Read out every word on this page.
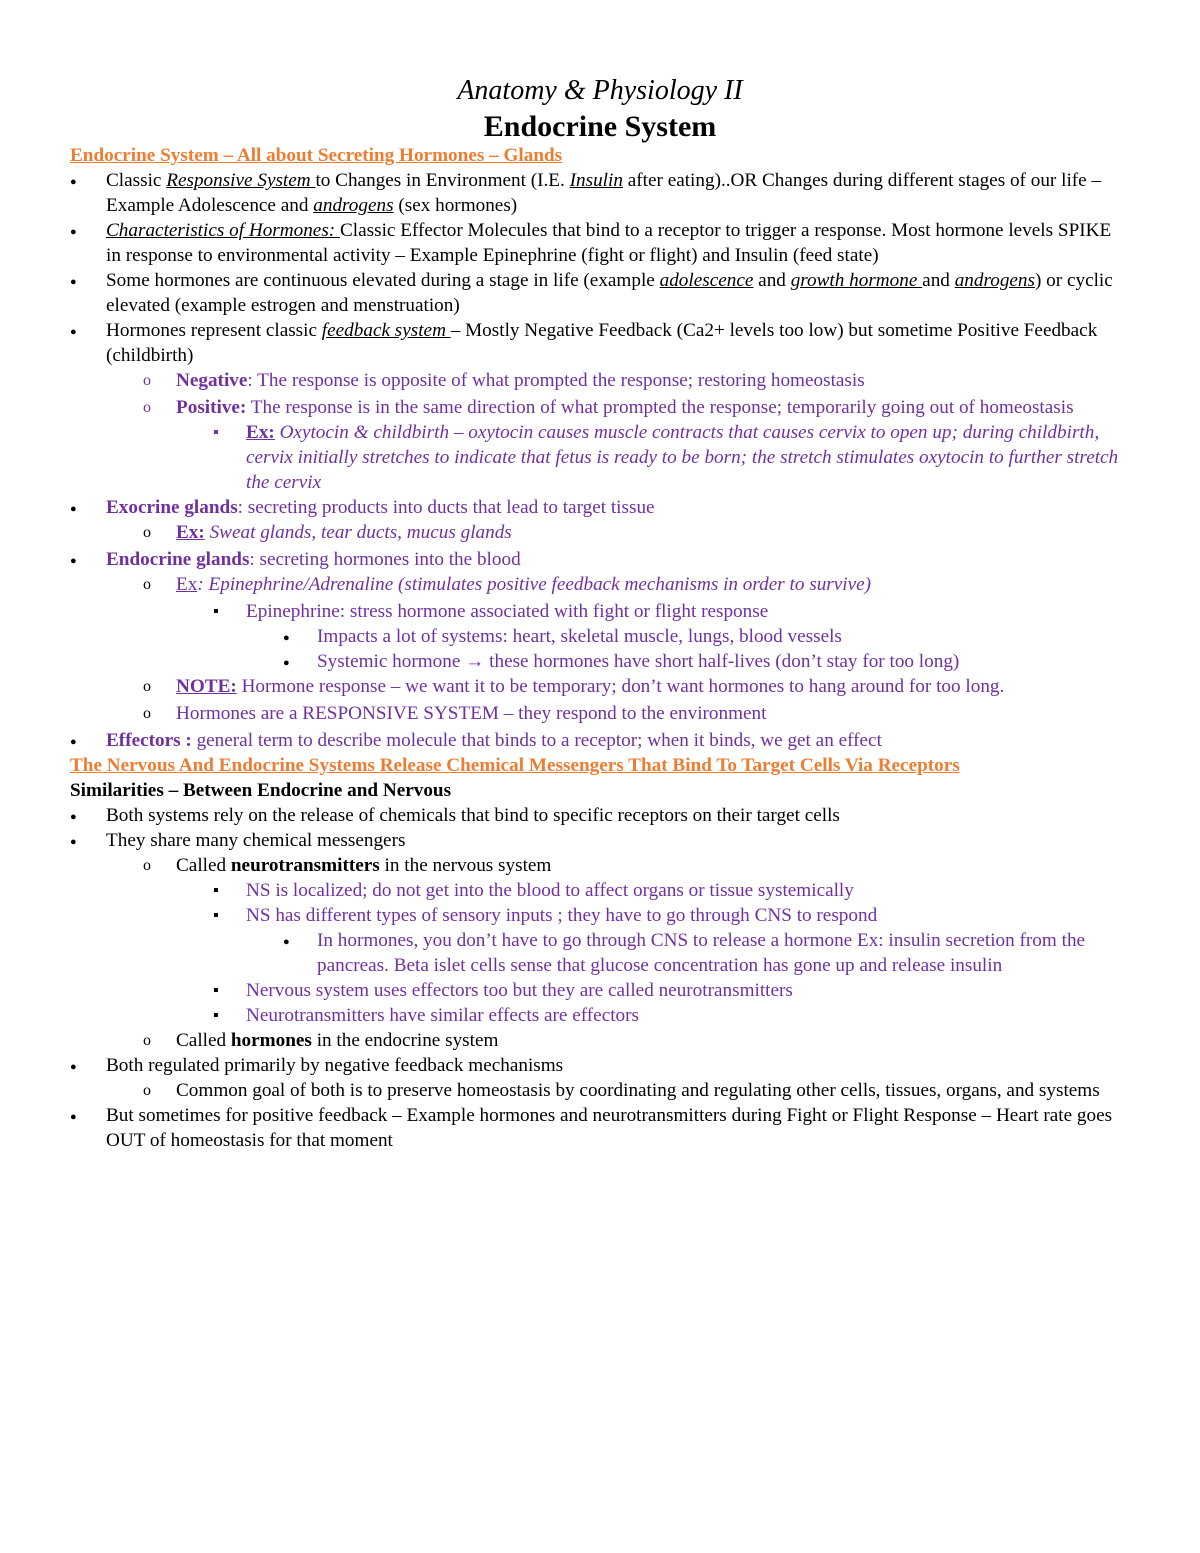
Anatomy & Physiology II
Endocrine System

Endocrine System – All about Secreting Hormones – Glands

●
Classic Responsive System to Changes in Environment (I.E. Insulin after eating)..OR Changes during different stages of our life – Example Adolescence and androgens (sex hormones)
●
Characteristics of Hormones: Classic Effector Molecules that bind to a receptor to trigger a response. Most hormone levels SPIKE in response to environmental activity – Example Epinephrine (fight or flight) and Insulin (feed state)
●
Some hormones are continuous elevated during a stage in life (example adolescence and growth hormone and androgens) or cyclic elevated (example estrogen and menstruation)
●
Hormones represent classic feedback system – Mostly Negative Feedback (Ca2+ levels too low) but sometime Positive Feedback (childbirth)
o
Negative: The response is opposite of what prompted the response; restoring homeostasis
o
Positive: The response is in the same direction of what prompted the response; temporarily going out of homeostasis
▪
Ex: Oxytocin & childbirth – oxytocin causes muscle contracts that causes cervix to open up; during childbirth, cervix initially stretches to indicate that fetus is ready to be born; the stretch stimulates oxytocin to further stretch the cervix
●
Exocrine glands: secreting products into ducts that lead to target tissue
o
Ex: Sweat glands, tear ducts, mucus glands
●
Endocrine glands: secreting hormones into the blood
o
Ex: Epinephrine/Adrenaline (stimulates positive feedback mechanisms in order to survive)
▪
Epinephrine: stress hormone associated with fight or flight response
●
Impacts a lot of systems: heart, skeletal muscle, lungs, blood vessels
●
Systemic hormone → these hormones have short half-lives (don’t stay for too long)
o
NOTE: Hormone response – we want it to be temporary; don’t want hormones to hang around for too long.
o
Hormones are a RESPONSIVE SYSTEM – they respond to the environment
●
Effectors : general term to describe molecule that binds to a receptor; when it binds, we get an effect

The Nervous And Endocrine Systems Release Chemical Messengers That Bind To Target Cells Via Receptors

Similarities – Between Endocrine and Nervous

●
Both systems rely on the release of chemicals that bind to specific receptors on their target cells
●
They share many chemical messengers
o
Called neurotransmitters in the nervous system
▪
NS is localized; do not get into the blood to affect organs or tissue systemically
▪
NS has different types of sensory inputs ; they have to go through CNS to respond
●
In hormones, you don’t have to go through CNS to release a hormone Ex: insulin secretion from the pancreas. Beta islet cells sense that glucose concentration has gone up and release insulin
▪
Nervous system uses effectors too but they are called neurotransmitters
▪
Neurotransmitters have similar effects are effectors
o
Called hormones in the endocrine system
●
Both regulated primarily by negative feedback mechanisms
o
Common goal of both is to preserve homeostasis by coordinating and regulating other cells, tissues, organs, and systems
●
But sometimes for positive feedback – Example hormones and neurotransmitters during Fight or Flight Response – Heart rate goes OUT of homeostasis for that moment
